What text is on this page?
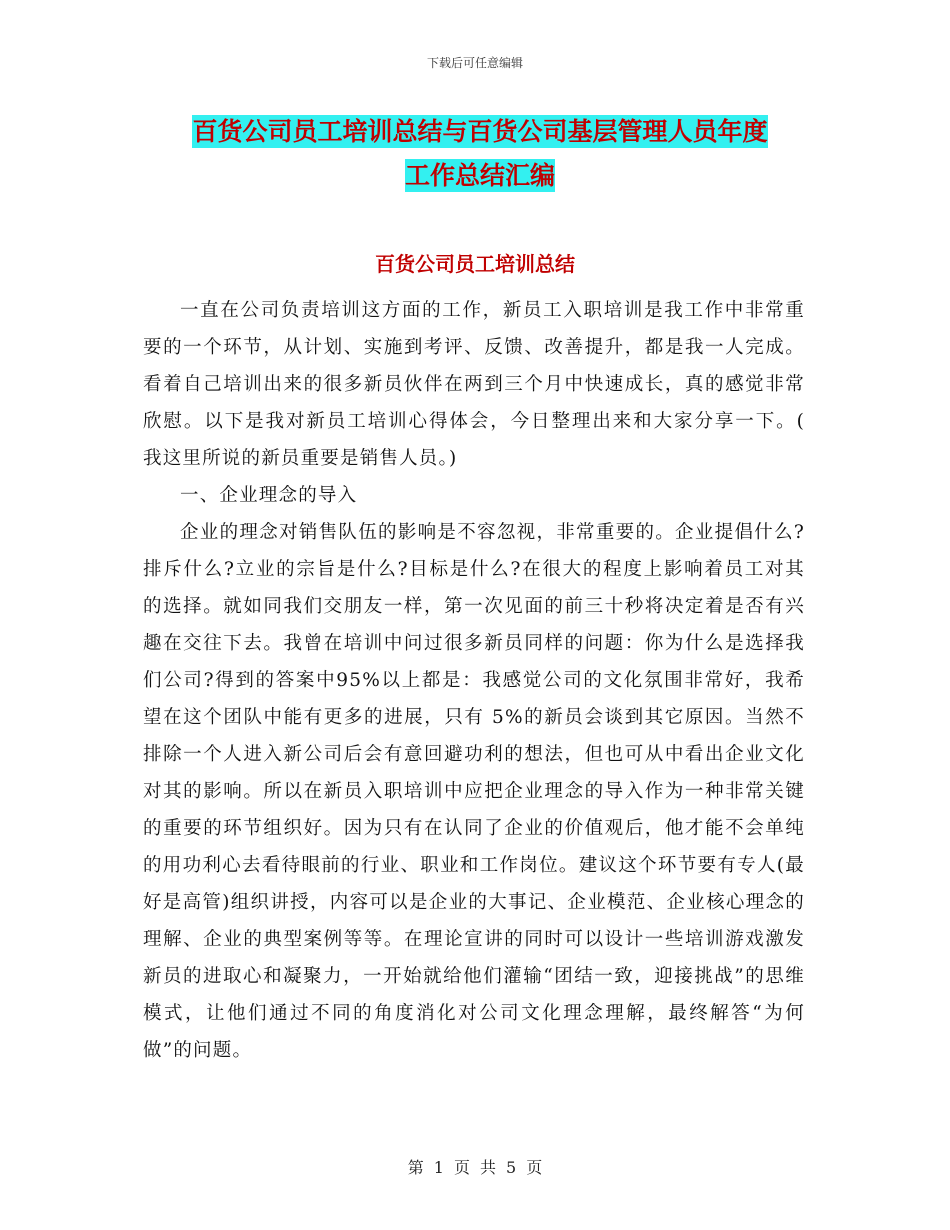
下载后可任意编辑
百货公司员工培训总结与百货公司基层管理人员年度
工作总结汇编
百货公司员工培训总结

一直在公司负责培训这方面的工作，新员工入职培训是我工作中非常重要的一个环节，从计划、实施到考评、反馈、改善提升，都是我一人完成。看着自己培训出来的很多新员伙伴在两到三个月中快速成长，真的感觉非常欣慰。以下是我对新员工培训心得体会，今日整理出来和大家分享一下。( 我这里所说的新员重要是销售人员。)

一、企业理念的导入

企业的理念对销售队伍的影响是不容忽视，非常重要的。企业提倡什么?排斥什么?立业的宗旨是什么?目标是什么?在很大的程度上影响着员工对其的选择。就如同我们交朋友一样，第一次见面的前三十秒将决定着是否有兴趣在交往下去。我曾在培训中问过很多新员同样的问题：你为什么是选择我们公司?得到的答案中95%以上都是：我感觉公司的文化氛围非常好，我希望在这个团队中能有更多的进展，只有 5%的新员会谈到其它原因。当然不排除一个人进入新公司后会有意回避功利的想法，但也可从中看出企业文化对其的影响。所以在新员入职培训中应把企业理念的导入作为一种非常关键的重要的环节组织好。因为只有在认同了企业的价值观后，他才能不会单纯的用功利心去看待眼前的行业、职业和工作岗位。建议这个环节要有专人(最好是高管)组织讲授，内容可以是企业的大事记、企业模范、企业核心理念的理解、企业的典型案例等等。在理论宣讲的同时可以设计一些培训游戏激发新员的进取心和凝聚力，一开始就给他们灌输“团结一致，迎接挑战”的思维模式，让他们通过不同的角度消化对公司文化理念理解，最终解答“为何做”的问题。

第 1 页 共 5 页
